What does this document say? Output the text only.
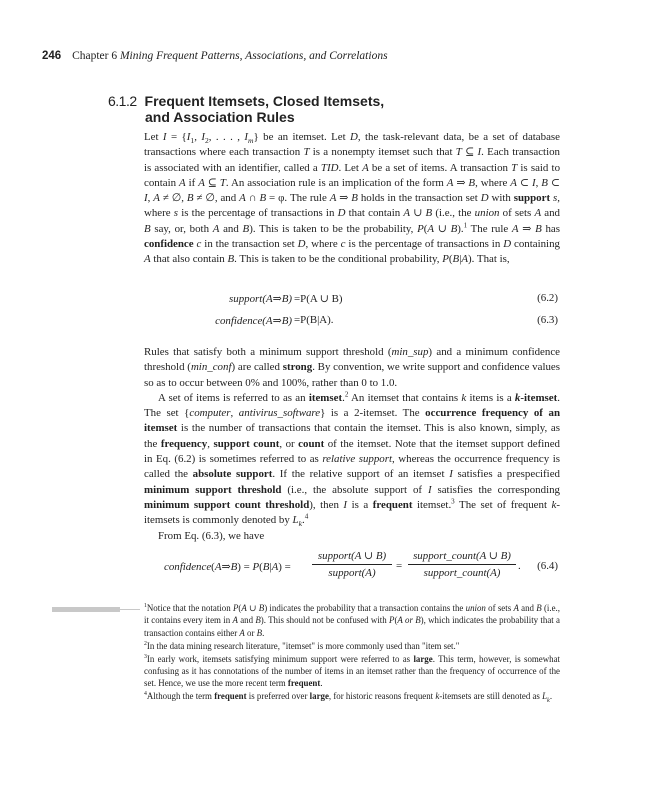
246 Chapter 6 Mining Frequent Patterns, Associations, and Correlations
6.1.2 Frequent Itemsets, Closed Itemsets,
and Association Rules

Let $I = \{I_1$, $I_2$, . . . , $I_m$} be an itemset. Let D, the task-relevant data, be a set of database transactions where each transaction T is a nonempty itemset such that T ⊆ I. Each transaction is associated with an identifier, called a TID. Let A be a set of items. A transaction T is said to contain A if A ⊆ T. An association rule is an implication of the form A ⇒ B, where A ⊂ I, B ⊂ I, A ≠ ∅, B ≠ ∅, and A ∩ B = φ. The rule A ⇒ B holds in the transaction set D with support s, where s is the percentage of transactions in D that contain A ∪ B (i.e., the union of sets A and B say, or, both A and B). This is taken to be the probability, P(A ∪ B).$^1$ The rule A ⇒ B has confidence c in the transaction set D, where c is the percentage of transactions in D containing A that also contain B. This is taken to be the conditional probability, P(B|A). That is,

support(A⇒B) =P(A ∪ B)	(6.2)
confidence(A⇒B) =P(B|A).	(6.3)

Rules that satisfy both a minimum support threshold (min_sup) and a minimum confidence threshold (min_conf) are called strong. By convention, we write support and confidence values so as to occur between 0% and 100%, rather than 0 to 1.0.

A set of items is referred to as an itemset.$^2$ An itemset that contains k items is a k-itemset. The set {computer, antivirus_software} is a 2-itemset. The occurrence frequency of an itemset is the number of transactions that contain the itemset. This is also known, simply, as the frequency, support count, or count of the itemset. Note that the itemset support defined in Eq. (6.2) is sometimes referred to as relative support, whereas the occurrence frequency is called the absolute support. If the relative support of an itemset I satisfies a prespecified minimum support threshold (i.e., the absolute support of I satisfies the corresponding minimum support count threshold), then I is a frequent itemset.$^3$ The set of frequent k-itemsets is commonly denoted by $L_k.^4$

From Eq. (6.3), we have

confidence(A⇒B) = P(B|A) =
support(A ∪ B)
support(A)
=
support_count(A ∪ B)
support_count(A)
. (6.4)

$^1$Notice that the notation P(A ∪ B) indicates the probability that a transaction contains the union of sets A and B (i.e., it contains every item in A and B). This should not be confused with P(A or B), which indicates the probability that a transaction contains either A or B.

$^2$In the data mining research literature, "itemset" is more commonly used than "item set."

$^3$In early work, itemsets satisfying minimum support were referred to as large. This term, however, is somewhat confusing as it has connotations of the number of items in an itemset rather than the frequency of occurrence of the set. Hence, we use the more recent term frequent.

$^4$Although the term frequent is preferred over large, for historic reasons frequent k-itemsets are still denoted as $L_k$.
